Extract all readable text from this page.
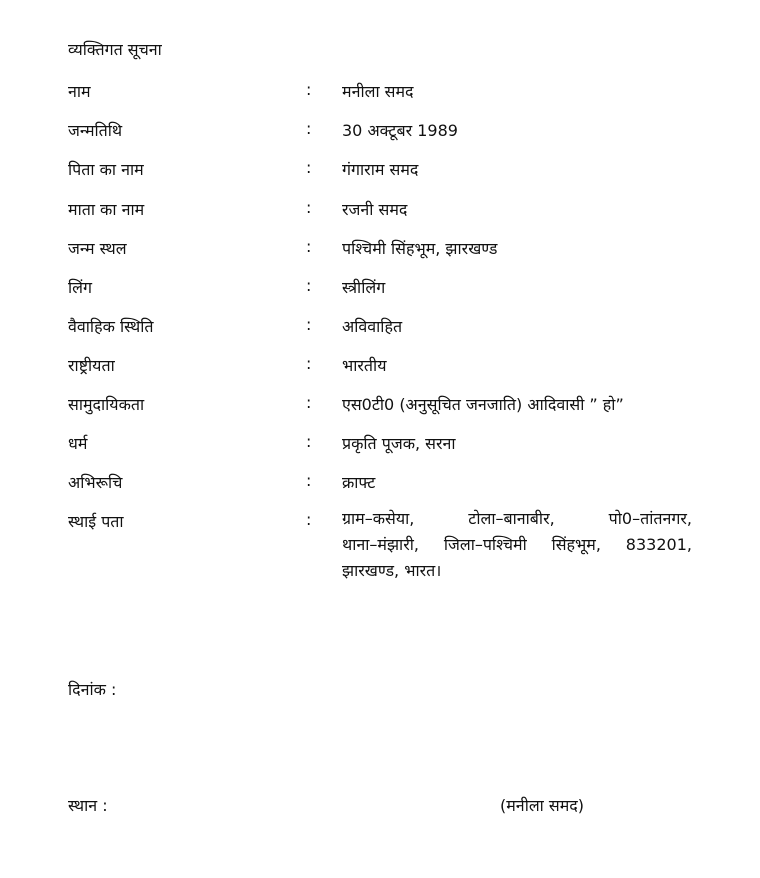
व्यक्तिगत सूचना
नाम	: मनीला समद
जन्मतिथि	: 30 अक्टूबर 1989
पिता का नाम	: गंगाराम समद
माता का नाम	: रजनी समद
जन्म स्थल	: पश्चिमी सिंहभूम, झारखण्ड
लिंग	: स्त्रीलिंग
वैवाहिक स्थिति	: अविवाहित
राष्ट्रीयता	: भारतीय
सामुदायिकता	: एस0टी0 (अनुसूचित जनजाति) आदिवासी ” हो”
धर्म	: प्रकृति पूजक, सरना
अभिरूचि	: क्राफ्ट
स्थाई पता	: ग्राम–कसेया,	टोला–बानाबीर,	पो0–तांतनगर,
थाना–मंझारी, जिला–पश्चिमी सिंहभूम, 833201,
झारखण्ड, भारत।
दिनांक :
स्थान :	(मनीला समद)
